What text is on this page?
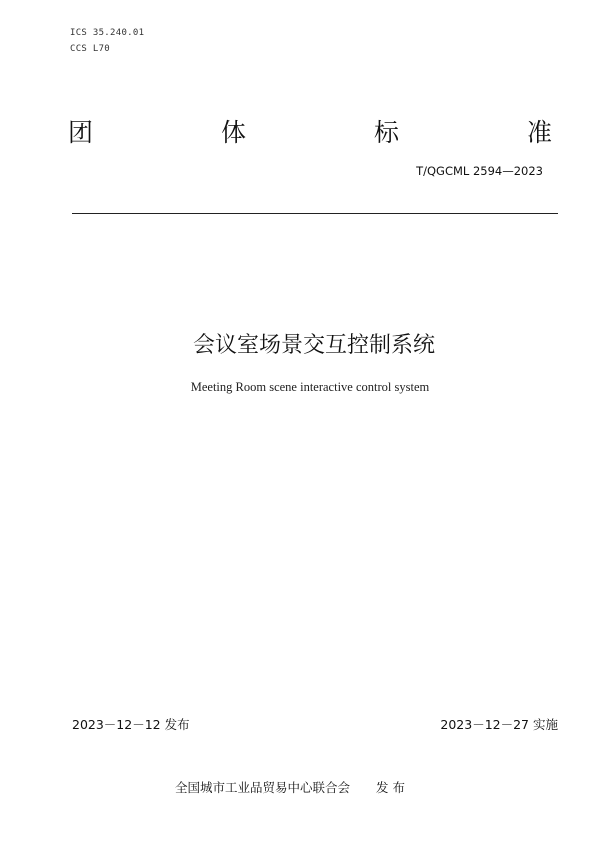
ICS 35.240.01
CCS L70
团	体	标	准
T/QGCML 2594—2023
会议室场景交互控制系统
Meeting Room scene interactive control system
2023－12－12 发布	2023－12－27 实施
全国城市工业品贸易中心联合会 发 布
